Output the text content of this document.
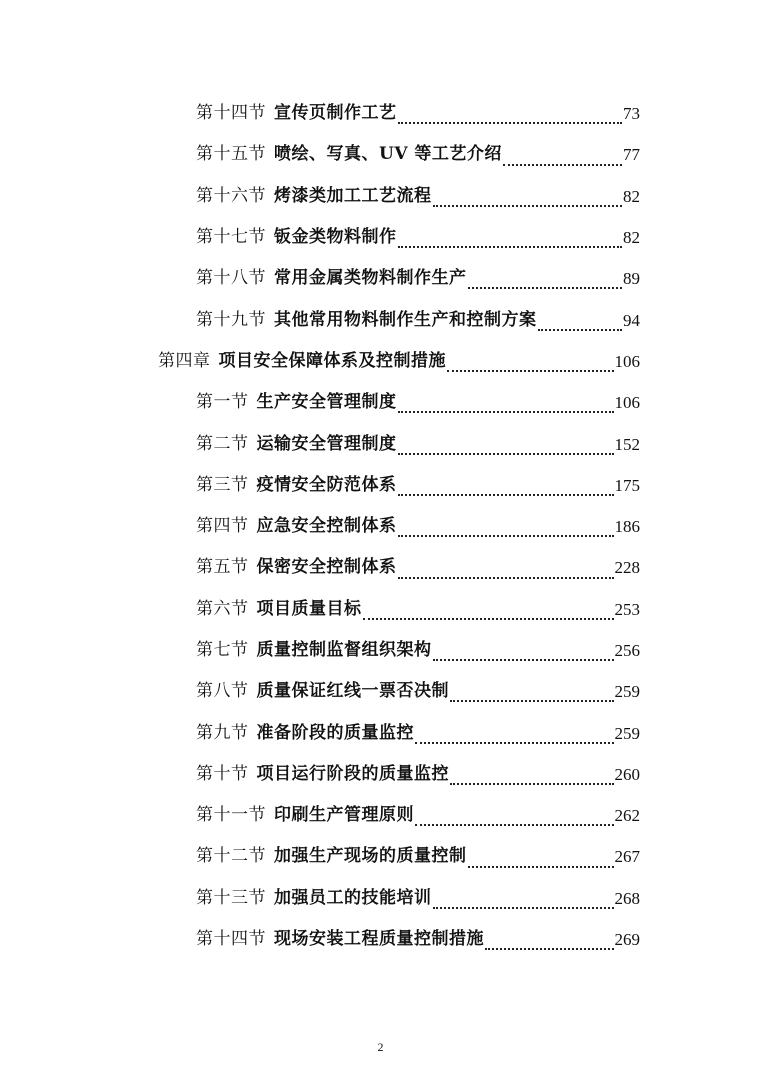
第十四节 宣传页制作工艺	73
第十五节 喷绘、写真、UV 等工艺介绍	77
第十六节 烤漆类加工工艺流程	82
第十七节 钣金类物料制作	82
第十八节 常用金属类物料制作生产	89
第十九节 其他常用物料制作生产和控制方案	94
第四章 项目安全保障体系及控制措施	106
第一节 生产安全管理制度	106
第二节 运输安全管理制度	152
第三节 疫情安全防范体系	175
第四节 应急安全控制体系	186
第五节 保密安全控制体系	228
第六节 项目质量目标	253
第七节 质量控制监督组织架构	256
第八节 质量保证红线一票否决制	259
第九节 准备阶段的质量监控	259
第十节 项目运行阶段的质量监控	260
第十一节 印刷生产管理原则	262
第十二节 加强生产现场的质量控制	267
第十三节 加强员工的技能培训	268
第十四节 现场安装工程质量控制措施	269
2
